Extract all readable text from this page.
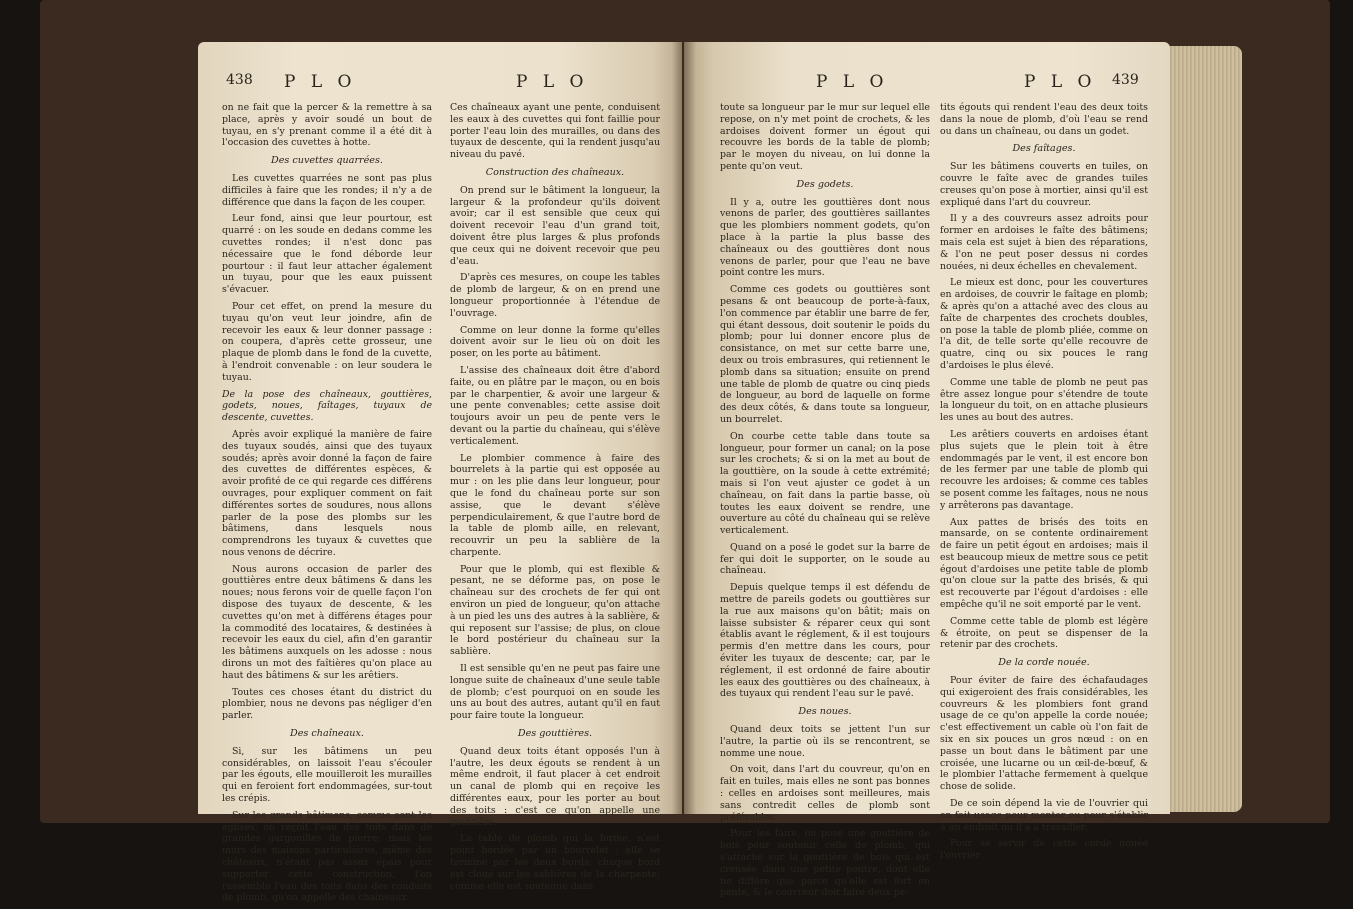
438 P L O	P L O

on ne fait que la percer & la remettre à sa place, après y avoir soudé un bout de tuyau, en s'y prenant comme il a été dit à l'occasion des cuvettes à hotte.

Des cuvettes quarrées.

Les cuvettes quarrées ne sont pas plus difficiles à faire que les rondes; il n'y a de différence que dans la façon de les couper.

Leur fond, ainsi que leur pourtour, est quarré : on les soude en dedans comme les cuvettes rondes; il n'est donc pas nécessaire que le fond déborde leur pourtour : il faut leur attacher également un tuyau, pour que les eaux puissent s'évacuer.

Pour cet effet, on prend la mesure du tuyau qu'on veut leur joindre, afin de recevoir les eaux & leur donner passage : on coupera, d'après cette grosseur, une plaque de plomb dans le fond de la cuvette, à l'endroit convenable : on leur soudera le tuyau.

De la pose des chaîneaux, gouttières, godets, noues, faîtages, tuyaux de descente, cuvettes.

Après avoir expliqué la manière de faire des tuyaux soudés, ainsi que des tuyaux soudés; après avoir donné la façon de faire des cuvettes de différentes espèces, & avoir profité de ce qui regarde ces différens ouvrages, pour expliquer comment on fait différentes sortes de soudures, nous allons parler de la pose des plombs sur les bâtimens, dans lesquels nous comprendrons les tuyaux & cuvettes que nous venons de décrire.

Nous aurons occasion de parler des gouttières entre deux bâtimens & dans les noues; nous ferons voir de quelle façon l'on dispose des tuyaux de descente, & les cuvettes qu'on met à différens étages pour la commodité des locataires, & destinées à recevoir les eaux du ciel, afin d'en garantir les bâtimens auxquels on les adosse : nous dirons un mot des faîtières qu'on place au haut des bâtimens & sur les arêtiers.

Toutes ces choses étant du district du plombier, nous ne devons pas négliger d'en parler.

Des chaîneaux.

Si, sur les bâtimens un peu considérables, on laissoit l'eau s'écouler par les égouts, elle mouilleroit les murailles qui en feroient fort endommagées, sur-tout les crépis.

Sur les grands bâtimens, comme sont les églises, on reçoit l'eau des toits dans de grandes gargouilles de pierre; mais les murs des maisons particulières, même des châteaux, n'étant pas assez épais pour supporter cette construction, l'on rassemble l'eau des toits dans des conduits de plomb, qu'on appelle des chaîneaux.

Ces chaîneaux ayant une pente, conduisent les eaux à des cuvettes qui font faillie pour porter l'eau loin des murailles, ou dans des tuyaux de descente, qui la rendent jusqu'au niveau du pavé.

Construction des chaîneaux.

On prend sur le bâtiment la longueur, la largeur & la profondeur qu'ils doivent avoir; car il est sensible que ceux qui doivent recevoir l'eau d'un grand toit, doivent être plus larges & plus profonds que ceux qui ne doivent recevoir que peu d'eau.

D'après ces mesures, on coupe les tables de plomb de largeur, & on en prend une longueur proportionnée à l'étendue de l'ouvrage.

Comme on leur donne la forme qu'elles doivent avoir sur le lieu où on doit les poser, on les porte au bâtiment.

L'assise des chaîneaux doit être d'abord faite, ou en plâtre par le maçon, ou en bois par le charpentier, & avoir une largeur & une pente convenables; cette assise doit toujours avoir un peu de pente vers le devant ou la partie du chaîneau, qui s'élève verticalement.

Le plombier commence à faire des bourrelets à la partie qui est opposée au mur : on les plie dans leur longueur, pour que le fond du chaîneau porte sur son assise, que le devant s'élève perpendiculairement, & que l'autre bord de la table de plomb aille, en relevant, recouvrir un peu la sablière de la charpente.

Pour que le plomb, qui est flexible & pesant, ne se déforme pas, on pose le chaîneau sur des crochets de fer qui ont environ un pied de longueur, qu'on attache à un pied les uns des autres à la sablière, & qui reposent sur l'assise; de plus, on cloue le bord postérieur du chaîneau sur la sablière.

Il est sensible qu'en ne peut pas faire une longue suite de chaîneaux d'une seule table de plomb; c'est pourquoi on en soude les uns au bout des autres, autant qu'il en faut pour faire toute la longueur.

Des gouttières.

Quand deux toits étant opposés l'un à l'autre, les deux égouts se rendent à un même endroit, il faut placer à cet endroit un canal de plomb qui en reçoive les différentes eaux, pour les porter au bout des toits : c'est ce qu'on appelle une gouttière.

La table de plomb qui la forme, n'est point bordée par un bourrelet : elle se termine par les deux bords; chaque bord est cloué sur les sablières de la charpente; comme elle est soutenue dans

P L O	P L O 439

toute sa longueur par le mur sur lequel elle repose, on n'y met point de crochets, & les ardoises doivent former un égout qui recouvre les bords de la table de plomb; par le moyen du niveau, on lui donne la pente qu'on veut.

Des godets.

Il y a, outre les gouttières dont nous venons de parler, des gouttières saillantes que les plombiers nomment godets, qu'on place à la partie la plus basse des chaîneaux ou des gouttières dont nous venons de parler, pour que l'eau ne bave point contre les murs.

Comme ces godets ou gouttières sont pesans & ont beaucoup de porte-à-faux, l'on commence par établir une barre de fer, qui étant dessous, doit soutenir le poids du plomb; pour lui donner encore plus de consistance, on met sur cette barre une, deux ou trois embrasures, qui retiennent le plomb dans sa situation; ensuite on prend une table de plomb de quatre ou cinq pieds de longueur, au bord de laquelle on forme des deux côtés, & dans toute sa longueur, un bourrelet.

On courbe cette table dans toute sa longueur, pour former un canal; on la pose sur les crochets; & si on la met au bout de la gouttière, on la soude à cette extrémité; mais si l'on veut ajuster ce godet à un chaîneau, on fait dans la partie basse, où toutes les eaux doivent se rendre, une ouverture au côté du chaîneau qui se relève verticalement.

Quand on a posé le godet sur la barre de fer qui doit le supporter, on le soude au chaîneau.

Depuis quelque temps il est défendu de mettre de pareils godets ou gouttières sur la rue aux maisons qu'on bâtit; mais on laisse subsister & réparer ceux qui sont établis avant le réglement, & il est toujours permis d'en mettre dans les cours, pour éviter les tuyaux de descente; car, par le réglement, il est ordonné de faire aboutir les eaux des gouttières ou des chaîneaux, à des tuyaux qui rendent l'eau sur le pavé.

Des noues.

Quand deux toits se jettent l'un sur l'autre, la partie où ils se rencontrent, se nomme une noue.

On voit, dans l'art du couvreur, qu'on en fait en tuiles, mais elles ne sont pas bonnes : celles en ardoises sont meilleures, mais sans contredit celles de plomb sont préférables.

Pour les faire, on pose une gouttière de bois pour soutenir celle de plomb, qui s'attache sur la gouttière de bois qui est creusée dans une petite poutre, dont elle ne diffère que parce qu'elle est fort en pente, & le couvreur doit faire deux pe-

tits égouts qui rendent l'eau des deux toits dans la noue de plomb, d'où l'eau se rend ou dans un chaîneau, ou dans un godet.

Des faîtages.

Sur les bâtimens couverts en tuiles, on couvre le faîte avec de grandes tuiles creuses qu'on pose à mortier, ainsi qu'il est expliqué dans l'art du couvreur.

Il y a des couvreurs assez adroits pour former en ardoises le faîte des bâtimens; mais cela est sujet à bien des réparations, & l'on ne peut poser dessus ni cordes nouées, ni deux échelles en chevalement.

Le mieux est donc, pour les couvertures en ardoises, de couvrir le faîtage en plomb; & après qu'on a attaché avec des clous au faîte de charpentes des crochets doubles, on pose la table de plomb pliée, comme on l'a dit, de telle sorte qu'elle recouvre de quatre, cinq ou six pouces le rang d'ardoises le plus élevé.

Comme une table de plomb ne peut pas être assez longue pour s'étendre de toute la longueur du toit, on en attache plusieurs les unes au bout des autres.

Les arêtiers couverts en ardoises étant plus sujets que le plein toit à être endommagés par le vent, il est encore bon de les fermer par une table de plomb qui recouvre les ardoises; & comme ces tables se posent comme les faîtages, nous ne nous y arrêterons pas davantage.

Aux pattes de brisés des toits en mansarde, on se contente ordinairement de faire un petit égout en ardoises; mais il est beaucoup mieux de mettre sous ce petit égout d'ardoises une petite table de plomb qu'on cloue sur la patte des brisés, & qui est recouverte par l'égout d'ardoises : elle empêche qu'il ne soit emporté par le vent.

Comme cette table de plomb est légère & étroite, on peut se dispenser de la retenir par des crochets.

De la corde nouée.

Pour éviter de faire des échafaudages qui exigeroient des frais considérables, les couvreurs & les plombiers font grand usage de ce qu'on appelle la corde nouée; c'est effectivement un cable où l'on fait de six en six pouces un gros nœud : on en passe un bout dans le bâtiment par une croisée, une lucarne ou un œil-de-bœuf, & le plombier l'attache fermement à quelque chose de solide.

De ce soin dépend la vie de l'ouvrier qui en fait usage pour monter ou pour s'établir à un endroit où il a à travailler.

Pour se servir de cette corde nouée l'ouvrier
